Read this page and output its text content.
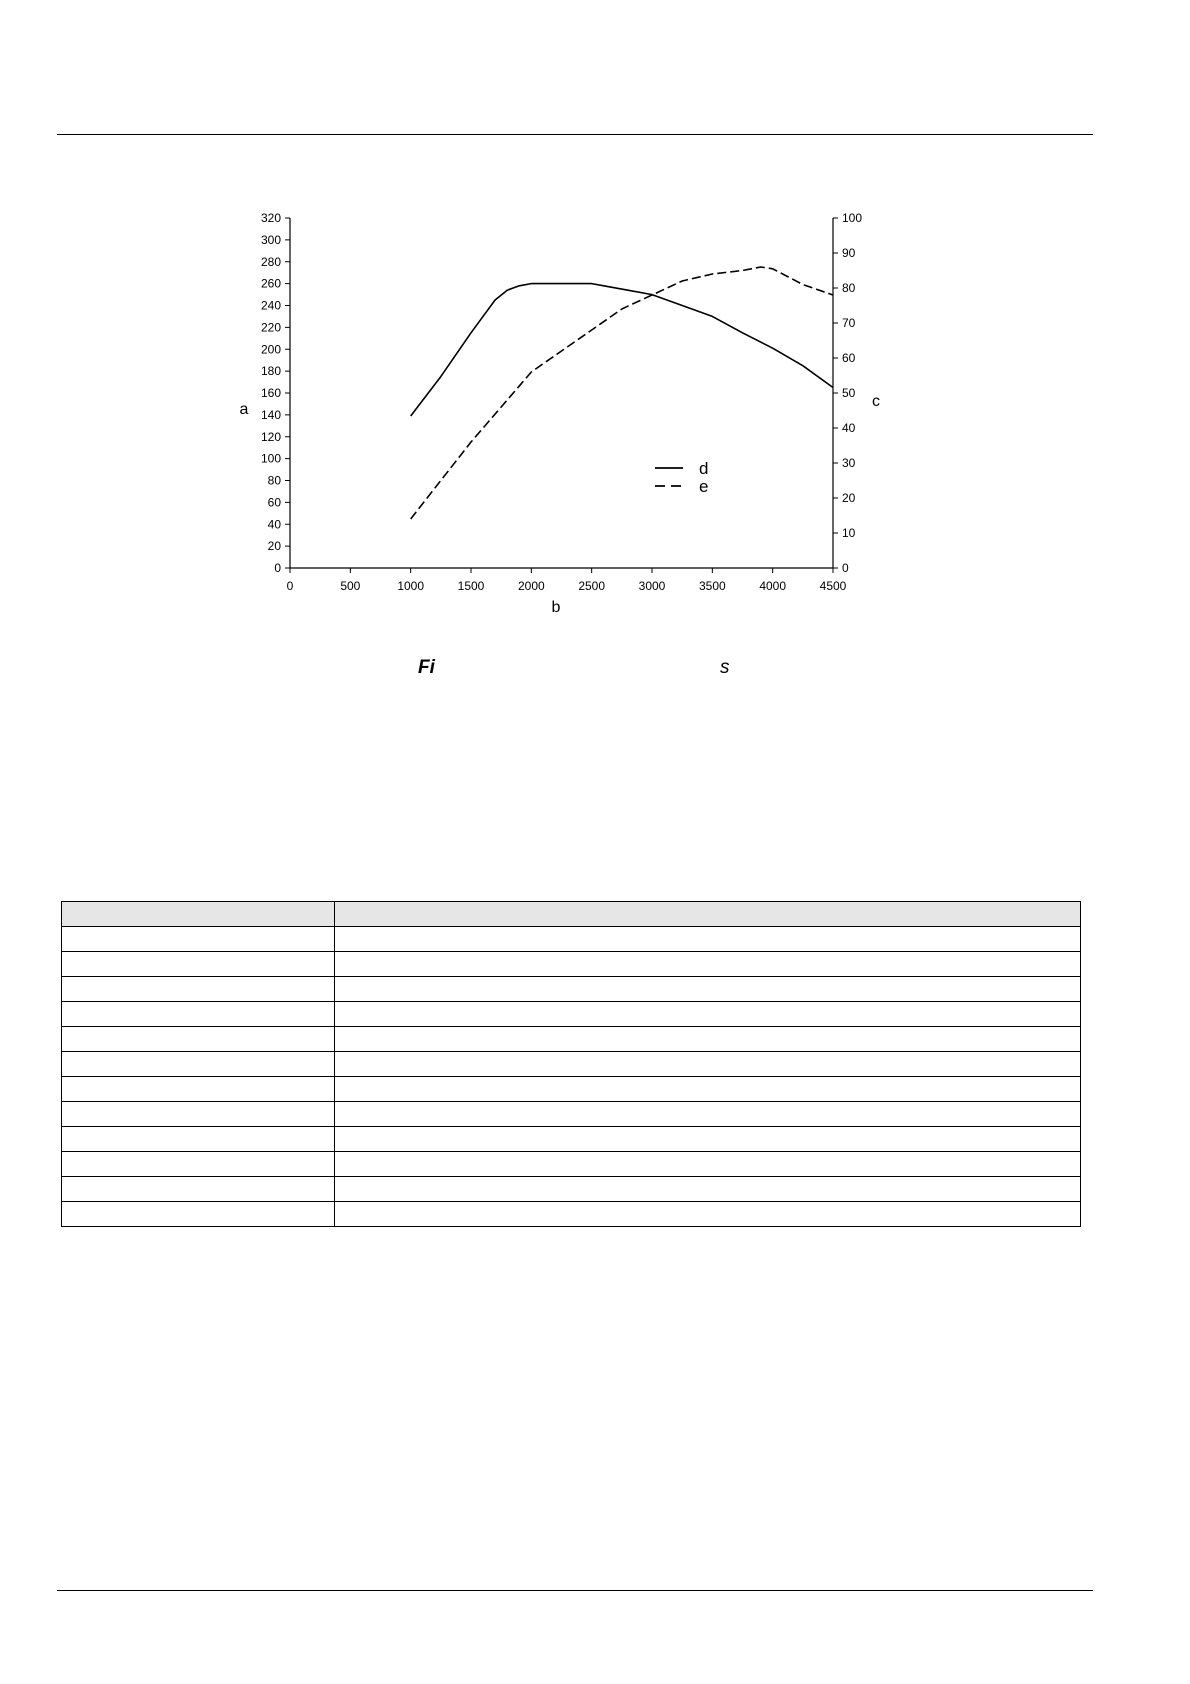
0	500	1000	1500	2000	2500	3000	3500	4000	4500
0
20
40
60
80
100
120
140
160
180
200
220
240
260
280
300
320
0
10
20
30
40
50
60
70
80
90
100
d
e
b
a	c
Fi	s
